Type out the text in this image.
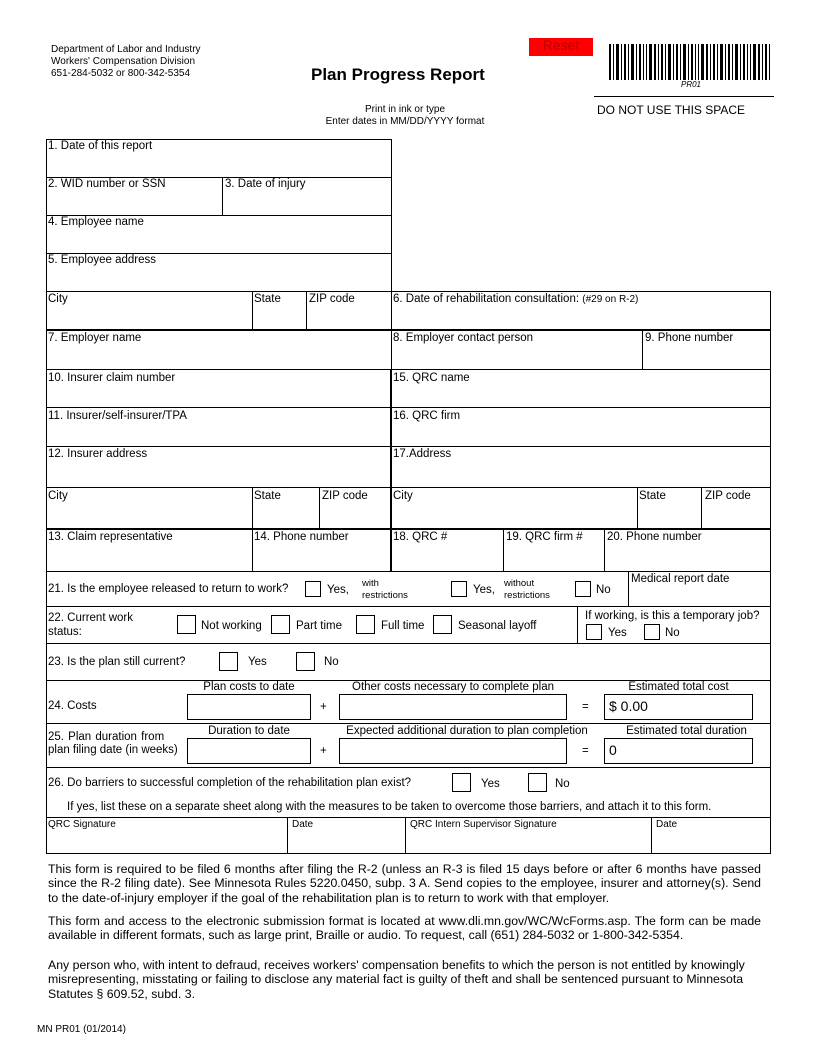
Department of Labor and Industry
Workers' Compensation Division
651-284-5032 or 800-342-5354	Plan Progress Report
Reset
PR01
DO NOT USE THIS SPACE
Print in ink or type
Enter dates in MM/DD/YYYY format
1. Date of this report
2. WID number or SSN	3. Date of injury
4. Employee name
5. Employee address
City	State ZIP code	6. Date of rehabilitation consultation: (#29 on R-2)
7. Employer name	8. Employer contact person	9. Phone number
10. Insurer claim number	15. QRC name
11. Insurer/self-insurer/TPA	16. QRC firm
12. Insurer address	17.Address
City	State	ZIP code City	State	ZIP code
13. Claim representative	14. Phone number	18. QRC #	19. QRC firm # 20. Phone number
21. Is the employee released to return to work?	Yes,
with
restrictions	Yes,
without
restrictions	No
Medical report date
22. Current work
status:	Not working	Part time	Full time	Seasonal layoff
If working, is this a temporary job?
Yes	No
23. Is the plan still current?	Yes	No
24. Costs
Plan costs to date
+
Other costs necessary to complete plan
=
Estimated total cost
$ 0.00
25. Plan duration from
plan filing date (in weeks)
Duration to date
+
Expected additional duration to plan completion
=
Estimated total duration
0
26. Do barriers to successful completion of the rehabilitation plan exist?	Yes	No
If yes, list these on a separate sheet along with the measures to be taken to overcome those barriers, and attach it to this form.
QRC Signature	Date	QRC Intern Supervisor Signature	Date
This form is required to be filed 6 months after filing the R-2 (unless an R-3 is filed 15 days before or after 6 months have passed since the R-2 filing date). See Minnesota Rules 5220.0450, subp. 3 A. Send copies to the employee, insurer and attorney(s). Send to the date-of-injury employer if the goal of the rehabilitation plan is to return to work with that employer.
This form and access to the electronic submission format is located at www.dli.mn.gov/WC/WcForms.asp. The form can be made available in different formats, such as large print, Braille or audio. To request, call (651) 284-5032 or 1-800-342-5354.
Any person who, with intent to defraud, receives workers' compensation benefits to which the person is not entitled by knowingly misrepresenting, misstating or failing to disclose any material fact is guilty of theft and shall be sentenced pursuant to Minnesota Statutes § 609.52, subd. 3.
MN PR01 (01/2014)
